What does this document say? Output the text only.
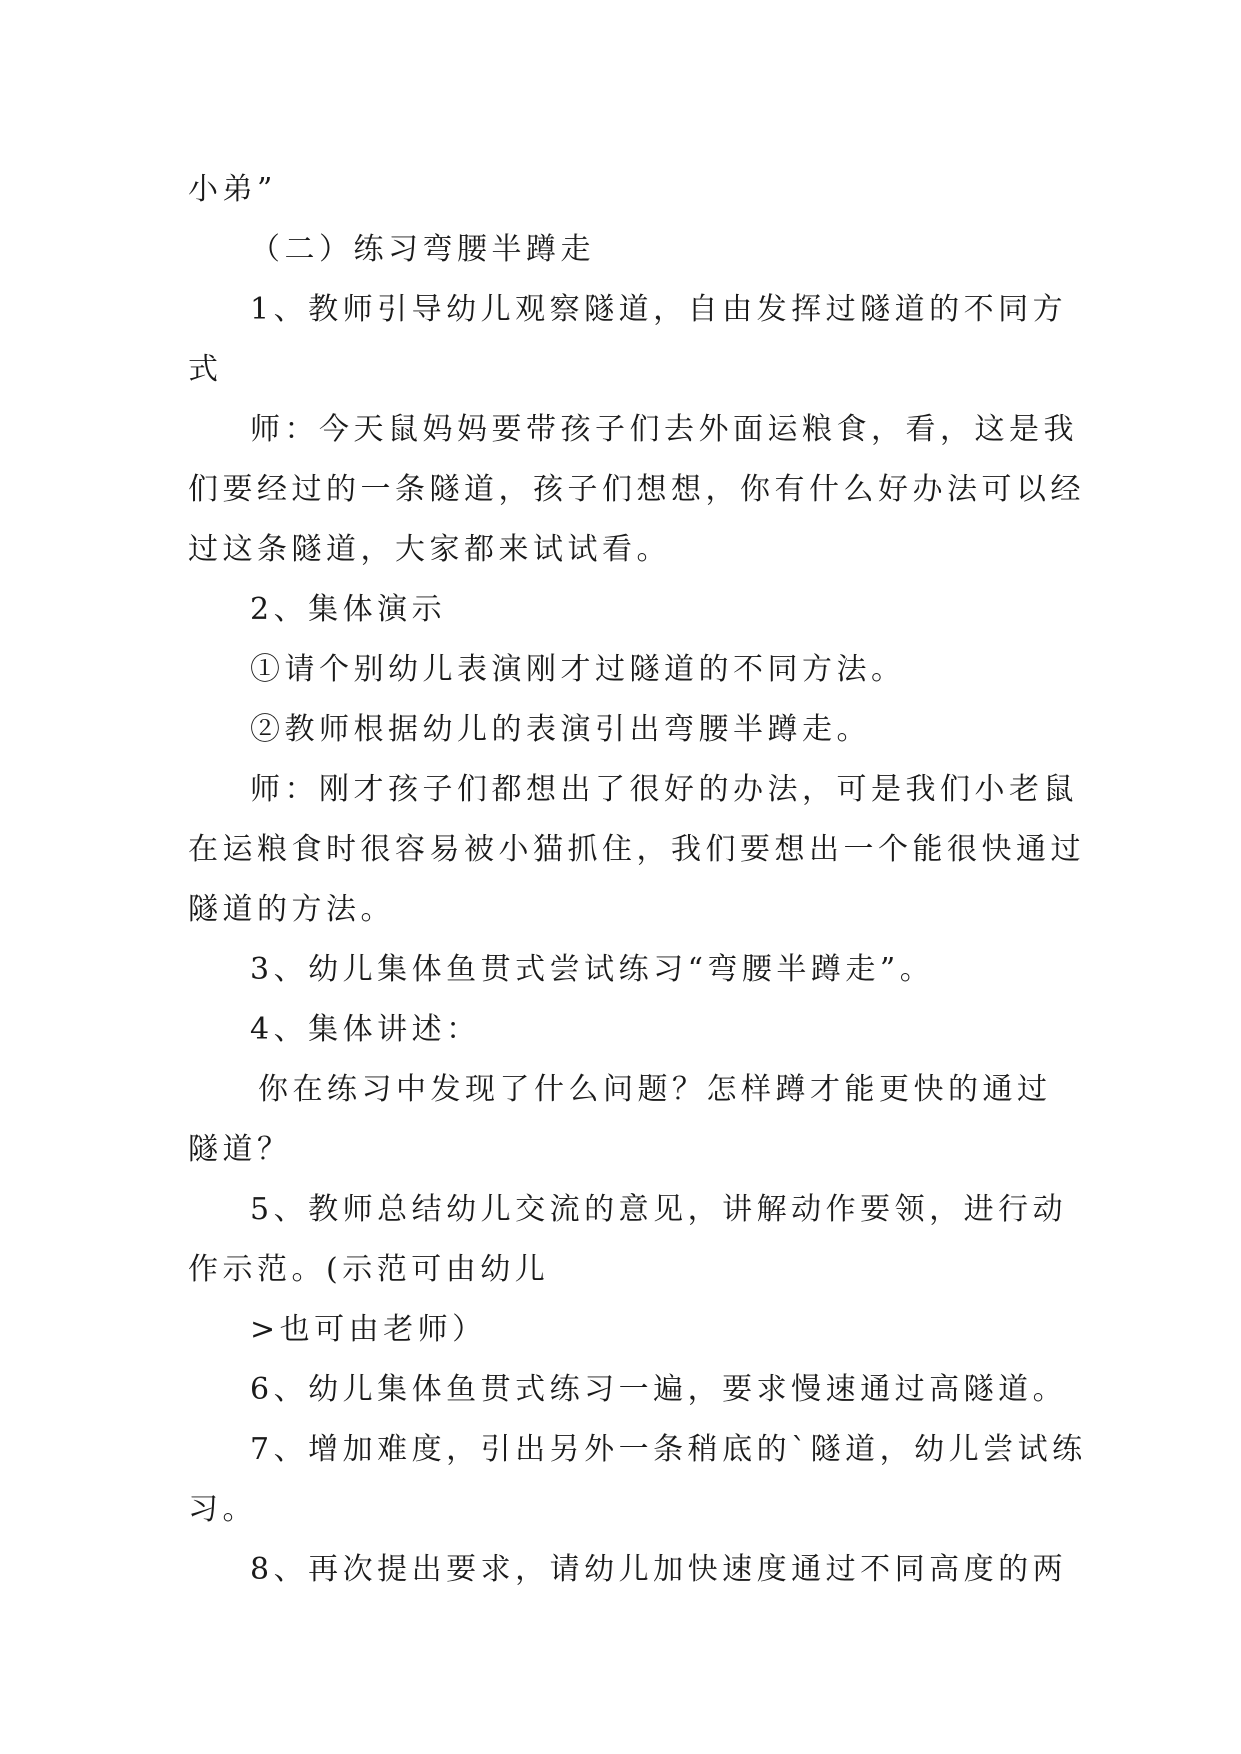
小弟”
（二）练习弯腰半蹲走
1、教师引导幼儿观察隧道，自由发挥过隧道的不同方
式
师：今天鼠妈妈要带孩子们去外面运粮食，看，这是我
们要经过的一条隧道，孩子们想想，你有什么好办法可以经
过这条隧道，大家都来试试看。
2、集体演示
①请个别幼儿表演刚才过隧道的不同方法。
②教师根据幼儿的表演引出弯腰半蹲走。
师：刚才孩子们都想出了很好的办法，可是我们小老鼠
在运粮食时很容易被小猫抓住，我们要想出一个能很快通过
隧道的方法。
3、幼儿集体鱼贯式尝试练习“弯腰半蹲走”。
4、集体讲述：
你在练习中发现了什么问题？怎样蹲才能更快的通过
隧道？
5、教师总结幼儿交流的意见，讲解动作要领，进行动
作示范。(示范可由幼儿
>也可由老师）
6、幼儿集体鱼贯式练习一遍，要求慢速通过高隧道。
7、增加难度，引出另外一条稍底的`隧道，幼儿尝试练
习。
8、再次提出要求，请幼儿加快速度通过不同高度的两
